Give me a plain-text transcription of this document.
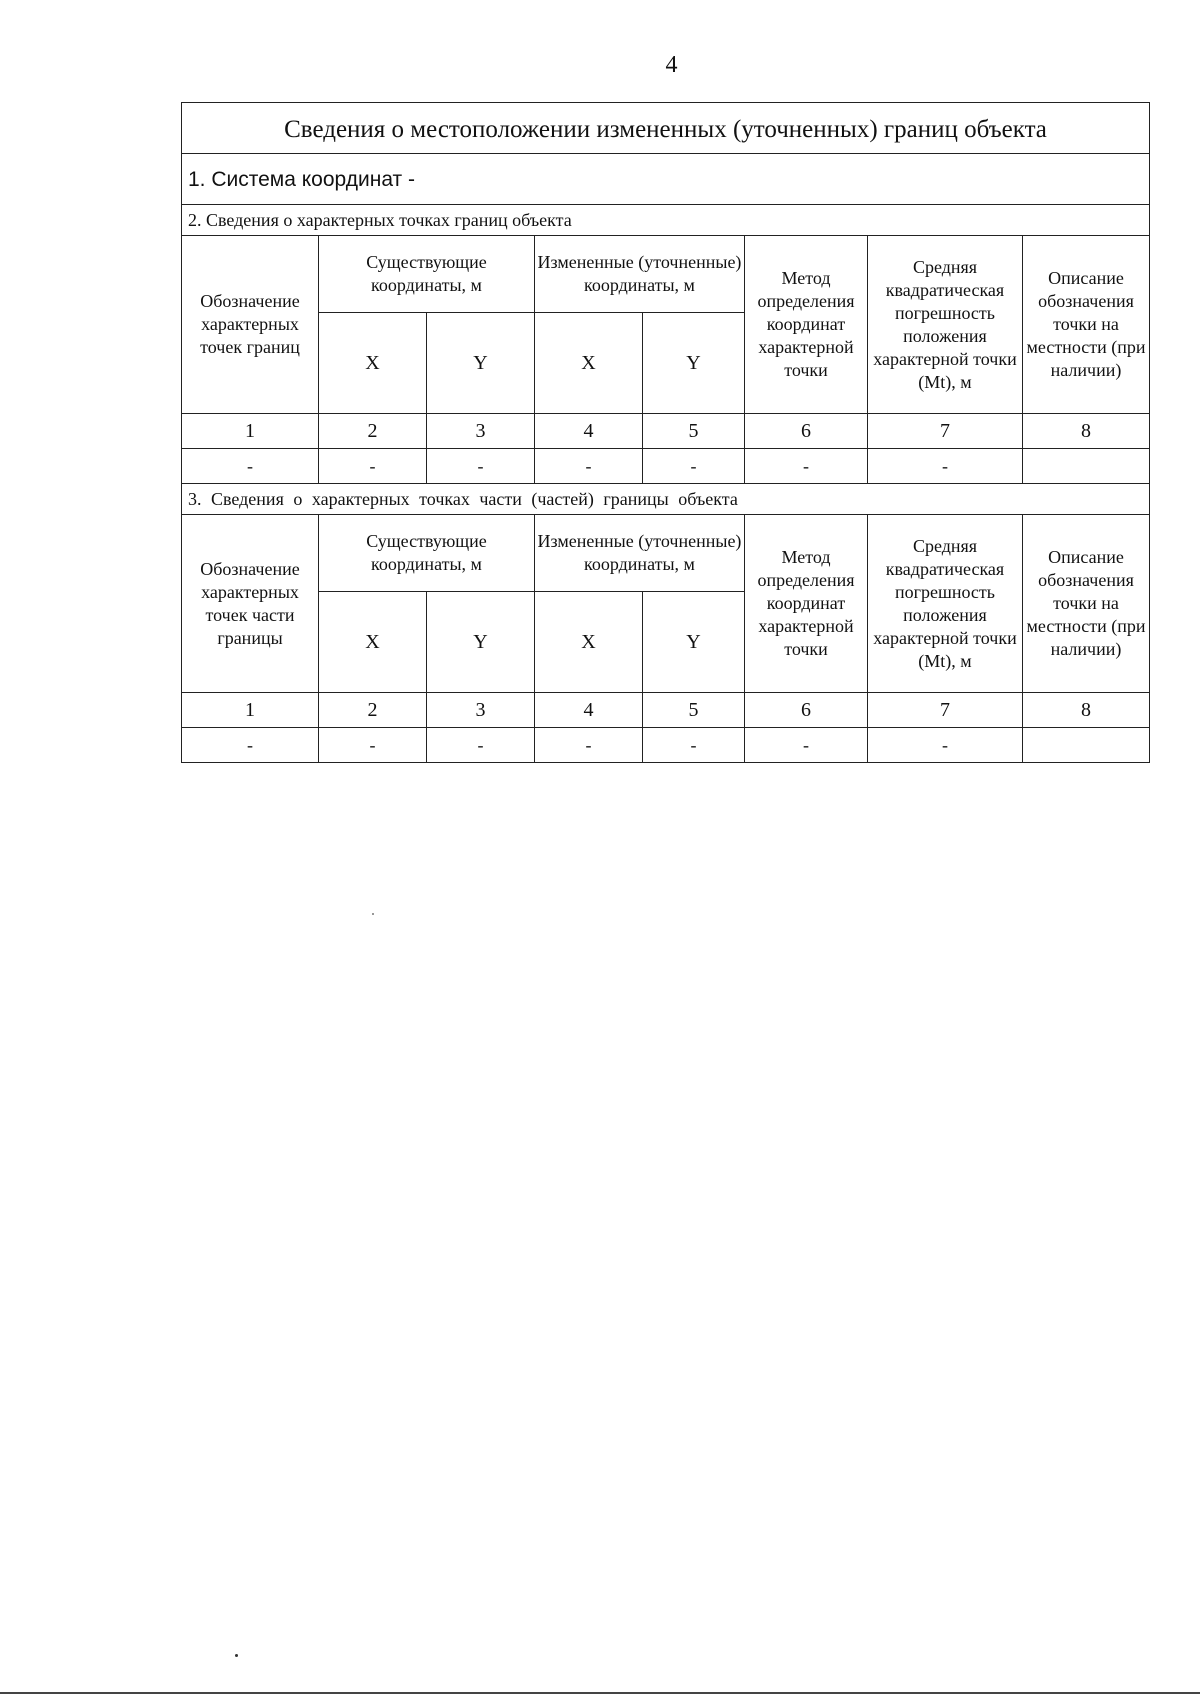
4
Сведения о местоположении измененных (уточненных) границ объекта							
1. Система координат -							
2. Сведения о характерных точках границ объекта							
Обозначение характерных точек границ	Существующие координаты, м		Измененные (уточненные) координаты, м		Метод определения координат характерной точки	Средняя квадратическая погрешность положения характерной точки (Mt), м	Описание обозначения точки на местности (при наличии)
	X	Y	X	Y			
1	2	3	4	5	6	7	8
-	-	-	-	-	-	-	
3. Сведения о характерных точках части (частей) границы объекта							
Обозначение характерных точек части границы	Существующие координаты, м		Измененные (уточненные) координаты, м		Метод определения координат характерной точки	Средняя квадратическая погрешность положения характерной точки (Mt), м	Описание обозначения точки на местности (при наличии)
	X	Y	X	Y			
1	2	3	4	5	6	7	8
-	-	-	-	-	-	-	
